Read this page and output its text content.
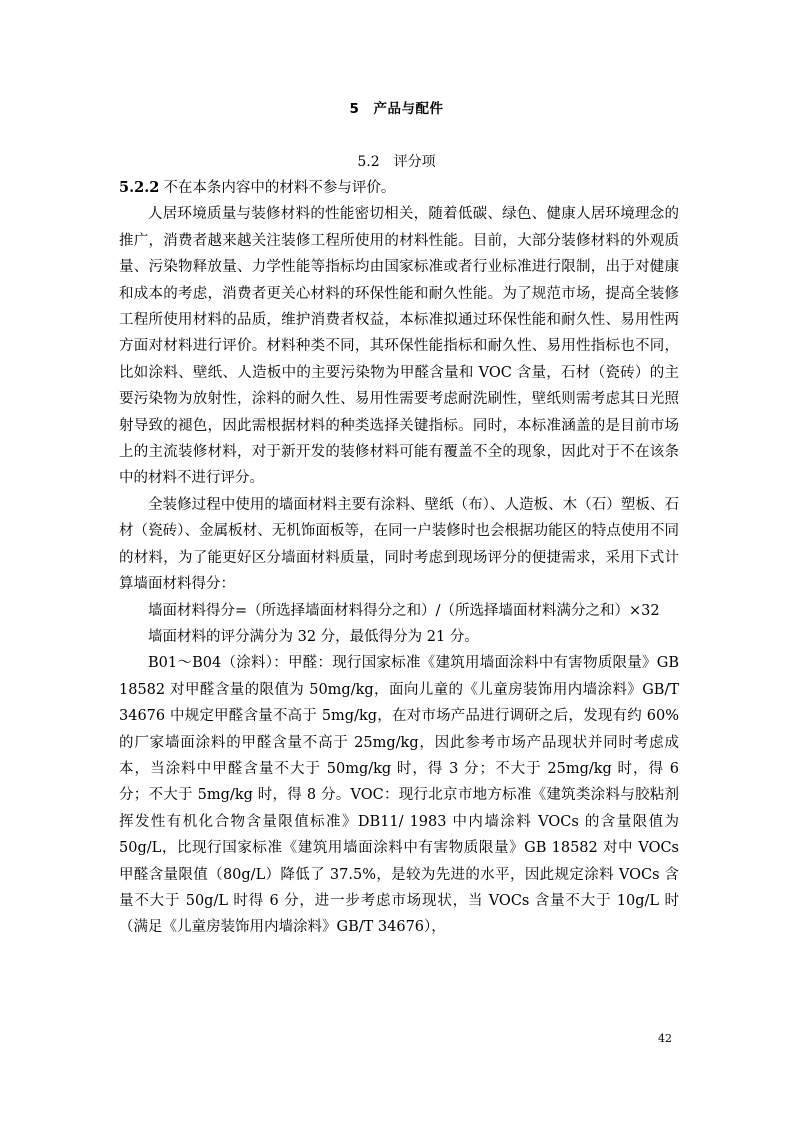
5 产品与配件
5.2 评分项

5.2.2 不在本条内容中的材料不参与评价。

人居环境质量与装修材料的性能密切相关，随着低碳、绿色、健康人居环境理念的推广，消费者越来越关注装修工程所使用的材料性能。目前，大部分装修材料的外观质量、污染物释放量、力学性能等指标均由国家标准或者行业标准进行限制，出于对健康和成本的考虑，消费者更关心材料的环保性能和耐久性能。为了规范市场，提高全装修工程所使用材料的品质，维护消费者权益，本标准拟通过环保性能和耐久性、易用性两方面对材料进行评价。材料种类不同，其环保性能指标和耐久性、易用性指标也不同，比如涂料、壁纸、人造板中的主要污染物为甲醛含量和 VOC 含量，石材（瓷砖）的主要污染物为放射性，涂料的耐久性、易用性需要考虑耐洗刷性，壁纸则需考虑其日光照射导致的褪色，因此需根据材料的种类选择关键指标。同时，本标准涵盖的是目前市场上的主流装修材料，对于新开发的装修材料可能有覆盖不全的现象，因此对于不在该条中的材料不进行评分。

全装修过程中使用的墙面材料主要有涂料、壁纸（布）、人造板、木（石）塑板、石材（瓷砖）、金属板材、无机饰面板等，在同一户装修时也会根据功能区的特点使用不同的材料，为了能更好区分墙面材料质量，同时考虑到现场评分的便捷需求，采用下式计算墙面材料得分：

墙面材料得分=（所选择墙面材料得分之和）/（所选择墙面材料满分之和）×32

墙面材料的评分满分为 32 分，最低得分为 21 分。

B01～B04（涂料）：甲醛：现行国家标准《建筑用墙面涂料中有害物质限量》GB 18582 对甲醛含量的限值为 50mg/kg，面向儿童的《儿童房装饰用内墙涂料》GB/T 34676 中规定甲醛含量不高于 5mg/kg，在对市场产品进行调研之后，发现有约 60%的厂家墙面涂料的甲醛含量不高于 25mg/kg，因此参考市场产品现状并同时考虑成本，当涂料中甲醛含量不大于 50mg/kg 时，得 3 分；不大于 25mg/kg 时，得 6 分；不大于 5mg/kg 时，得 8 分。VOC：现行北京市地方标准《建筑类涂料与胶粘剂挥发性有机化合物含量限值标准》DB11/ 1983 中内墙涂料 VOCs 的含量限值为 50g/L，比现行国家标准《建筑用墙面涂料中有害物质限量》GB 18582 对中 VOCs 甲醛含量限值（80g/L）降低了 37.5%，是较为先进的水平，因此规定涂料 VOCs 含量不大于 50g/L 时得 6 分，进一步考虑市场现状，当 VOCs 含量不大于 10g/L 时（满足《儿童房装饰用内墙涂料》GB/T 34676），

42
